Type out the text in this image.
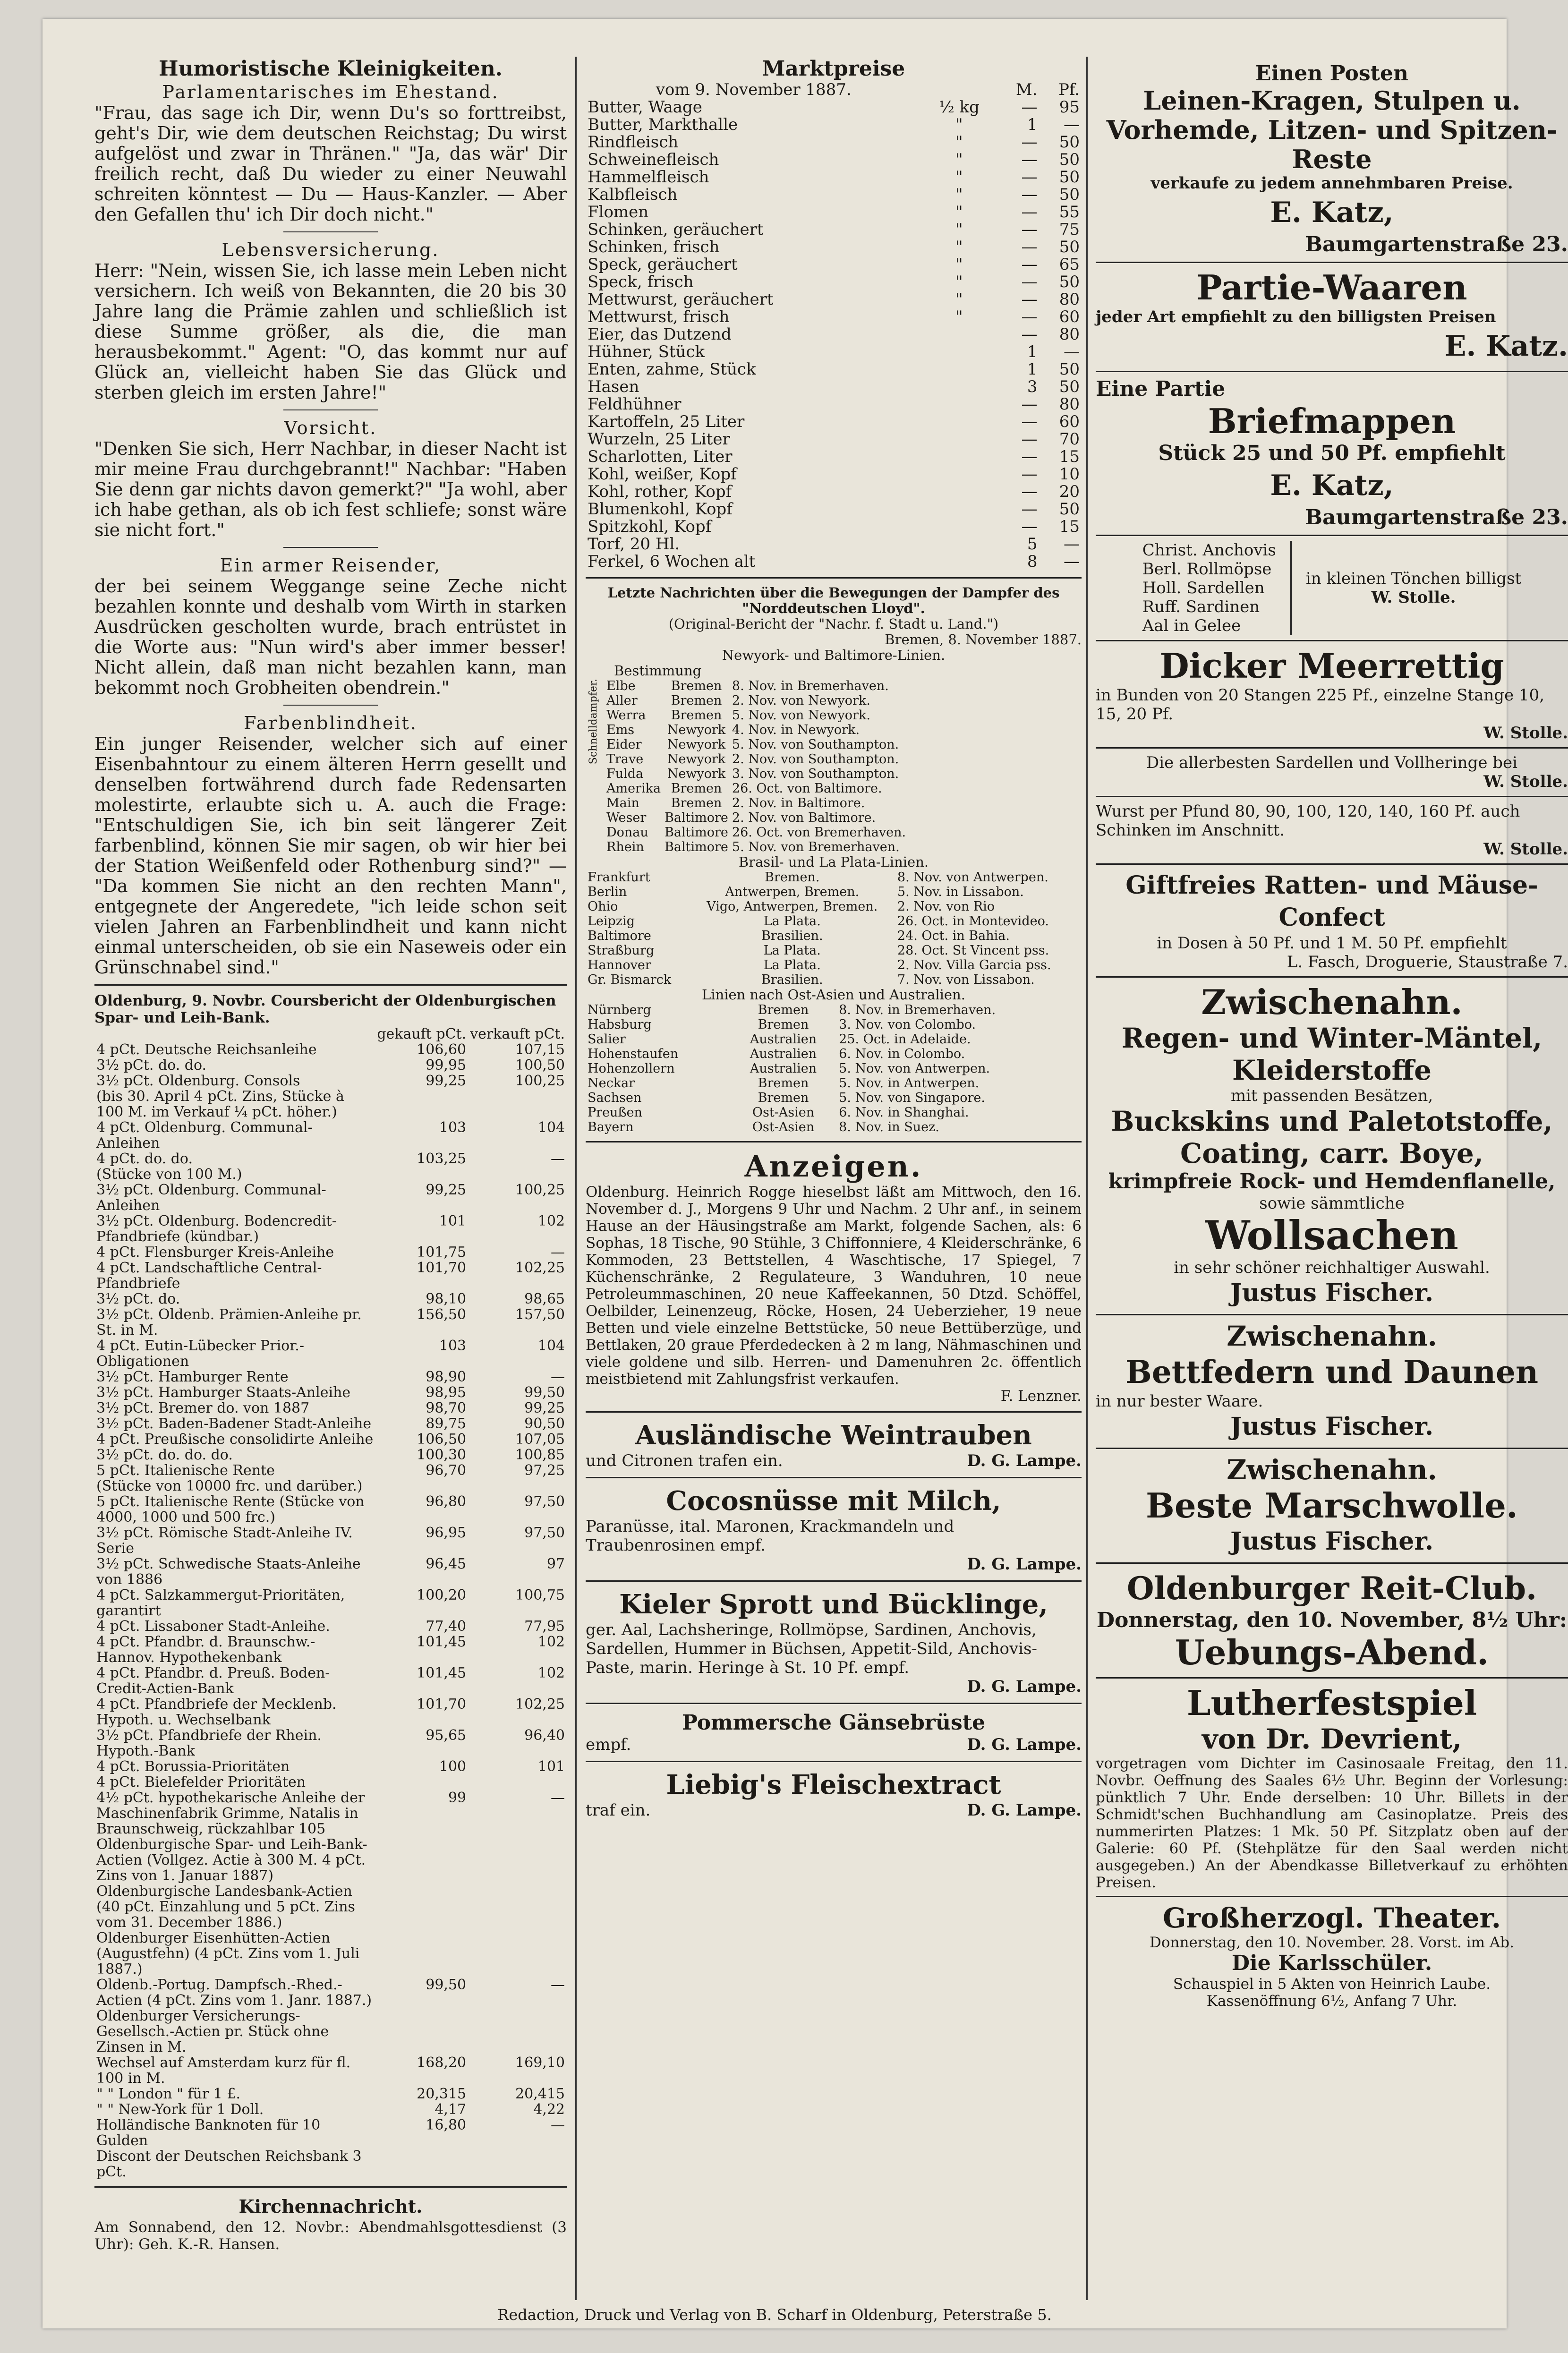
Humoristische Kleinigkeiten.
Parlamentarisches im Ehestand.

"Frau, das sage ich Dir, wenn Du's so forttreibst, geht's Dir, wie dem deutschen Reichstag; Du wirst aufgelöst und zwar in Thränen." "Ja, das wär' Dir freilich recht, daß Du wieder zu einer Neuwahl schreiten könntest — Du — Haus-Kanzler. — Aber den Gefallen thu' ich Dir doch nicht."

Lebensversicherung.

Herr: "Nein, wissen Sie, ich lasse mein Leben nicht versichern. Ich weiß von Bekannten, die 20 bis 30 Jahre lang die Prämie zahlen und schließlich ist diese Summe größer, als die, die man herausbekommt." Agent: "O, das kommt nur auf Glück an, vielleicht haben Sie das Glück und sterben gleich im ersten Jahre!"

Vorsicht.

"Denken Sie sich, Herr Nachbar, in dieser Nacht ist mir meine Frau durchgebrannt!" Nachbar: "Haben Sie denn gar nichts davon gemerkt?" "Ja wohl, aber ich habe gethan, als ob ich fest schliefe; sonst wäre sie nicht fort."

Ein armer Reisender,

der bei seinem Weggange seine Zeche nicht bezahlen konnte und deshalb vom Wirth in starken Ausdrücken gescholten wurde, brach entrüstet in die Worte aus: "Nun wird's aber immer besser! Nicht allein, daß man nicht bezahlen kann, man bekommt noch Grobheiten obendrein."

Farbenblindheit.

Ein junger Reisender, welcher sich auf einer Eisenbahntour zu einem älteren Herrn gesellt und denselben fortwährend durch fade Redensarten molestirte, erlaubte sich u. A. auch die Frage: "Entschuldigen Sie, ich bin seit längerer Zeit farbenblind, können Sie mir sagen, ob wir hier bei der Station Weißenfeld oder Rothenburg sind?" — "Da kommen Sie nicht an den rechten Mann", entgegnete der Angeredete, "ich leide schon seit vielen Jahren an Farbenblindheit und kann nicht einmal unterscheiden, ob sie ein Naseweis oder ein Grünschnabel sind."

Oldenburg, 9. Novbr. Coursbericht der Oldenburgischen Spar- und Leih-Bank.
	gekauft pCt.	verkauft pCt.
4 pCt. Deutsche Reichsanleihe	106,60	107,15
3½ pCt. do. do.	99,95	100,50
3½ pCt. Oldenburg. Consols	99,25	100,25
(bis 30. April 4 pCt. Zins, Stücke à 100 M. im Verkauf ¼ pCt. höher.)		
4 pCt. Oldenburg. Communal-Anleihen	103	104
4 pCt. do. do.	103,25	—
(Stücke von 100 M.)		
3½ pCt. Oldenburg. Communal-Anleihen	99,25	100,25
3½ pCt. Oldenburg. Bodencredit-Pfandbriefe (kündbar.)	101	102
4 pCt. Flensburger Kreis-Anleihe	101,75	—
4 pCt. Landschaftliche Central-Pfandbriefe	101,70	102,25
3½ pCt. do.	98,10	98,65
3½ pCt. Oldenb. Prämien-Anleihe pr. St. in M.	156,50	157,50
4 pCt. Eutin-Lübecker Prior.-Obligationen	103	104
3½ pCt. Hamburger Rente	98,90	—
3½ pCt. Hamburger Staats-Anleihe	98,95	99,50
3½ pCt. Bremer do. von 1887	98,70	99,25
3½ pCt. Baden-Badener Stadt-Anleihe	89,75	90,50
4 pCt. Preußische consolidirte Anleihe	106,50	107,05
3½ pCt. do. do. do.	100,30	100,85
5 pCt. Italienische Rente	96,70	97,25
(Stücke von 10000 frc. und darüber.)		
5 pCt. Italienische Rente (Stücke von 4000, 1000 und 500 frc.)	96,80	97,50
3½ pCt. Römische Stadt-Anleihe IV. Serie	96,95	97,50
3½ pCt. Schwedische Staats-Anleihe von 1886	96,45	97
4 pCt. Salzkammergut-Prioritäten, garantirt	100,20	100,75
4 pCt. Lissaboner Stadt-Anleihe.	77,40	77,95
4 pCt. Pfandbr. d. Braunschw.-Hannov. Hypothekenbank	101,45	102
4 pCt. Pfandbr. d. Preuß. Boden-Credit-Actien-Bank	101,45	102
4 pCt. Pfandbriefe der Mecklenb. Hypoth. u. Wechselbank	101,70	102,25
3½ pCt. Pfandbriefe der Rhein. Hypoth.-Bank	95,65	96,40
4 pCt. Borussia-Prioritäten	100	101
4 pCt. Bielefelder Prioritäten		
4½ pCt. hypothekarische Anleihe der Maschinenfabrik Grimme, Natalis in Braunschweig, rückzahlbar 105	99	—
Oldenburgische Spar- und Leih-Bank-Actien (Vollgez. Actie à 300 M. 4 pCt. Zins von 1. Januar 1887)		
Oldenburgische Landesbank-Actien (40 pCt. Einzahlung und 5 pCt. Zins vom 31. December 1886.)		
Oldenburger Eisenhütten-Actien (Augustfehn) (4 pCt. Zins vom 1. Juli 1887.)		
Oldenb.-Portug. Dampfsch.-Rhed.-Actien (4 pCt. Zins vom 1. Janr. 1887.)	99,50	—
Oldenburger Versicherungs-Gesellsch.-Actien pr. Stück ohne Zinsen in M.		
Wechsel auf Amsterdam kurz für fl. 100 in M.	168,20	169,10
" " London " für 1 £.	20,315	20,415
" " New-York für 1 Doll.	4,17	4,22
Holländische Banknoten für 10 Gulden	16,80	—
Discont der Deutschen Reichsbank 3 pCt.		
Kirchennachricht.

Am Sonnabend, den 12. Novbr.: Abendmahlsgottesdienst (3 Uhr): Geh. K.-R. Hansen.

Marktpreise
vom 9. November 1887.		M.	Pf.
Butter, Waage	½ kg	—	95
Butter, Markthalle	"	1	—
Rindfleisch	"	—	50
Schweinefleisch	"	—	50
Hammelfleisch	"	—	50
Kalbfleisch	"	—	50
Flomen	"	—	55
Schinken, geräuchert	"	—	75
Schinken, frisch	"	—	50
Speck, geräuchert	"	—	65
Speck, frisch	"	—	50
Mettwurst, geräuchert	"	—	80
Mettwurst, frisch	"	—	60
Eier, das Dutzend		—	80
Hühner, Stück		1	—
Enten, zahme, Stück		1	50
Hasen		3	50
Feldhühner		—	80
Kartoffeln, 25 Liter		—	60
Wurzeln, 25 Liter		—	70
Scharlotten, Liter		—	15
Kohl, weißer, Kopf		—	10
Kohl, rother, Kopf		—	20
Blumenkohl, Kopf		—	50
Spitzkohl, Kopf		—	15
Torf, 20 Hl.		5	—
Ferkel, 6 Wochen alt		8	—
Letzte Nachrichten über die Bewegungen der Dampfer des "Norddeutschen Lloyd".
(Original-Bericht der "Nachr. f. Stadt u. Land.")
Bremen, 8. November 1887.
Newyork- und Baltimore-Linien.
Bestimmung
Schnelldampfer. Elbe	Bremen	8. Nov. in Bremerhaven.
Aller	Bremen	2. Nov. von Newyork.
Werra	Bremen	5. Nov. von Newyork.
Ems	Newyork	4. Nov. in Newyork.
Eider	Newyork	5. Nov. von Southampton.
Trave	Newyork	2. Nov. von Southampton.
Fulda	Newyork	3. Nov. von Southampton.
Amerika	Bremen	26. Oct. von Baltimore.
Main	Bremen	2. Nov. in Baltimore.
Weser	Baltimore	2. Nov. von Baltimore.
Donau	Baltimore	26. Oct. von Bremerhaven.
Rhein	Baltimore	5. Nov. von Bremerhaven.
Brasil- und La Plata-Linien.
Frankfurt	Bremen.	8. Nov. von Antwerpen.
Berlin	Antwerpen, Bremen.	5. Nov. in Lissabon.
Ohio	Vigo, Antwerpen, Bremen.	2. Nov. von Rio
Leipzig	La Plata.	26. Oct. in Montevideo.
Baltimore	Brasilien.	24. Oct. in Bahia.
Straßburg	La Plata.	28. Oct. St Vincent pss.
Hannover	La Plata.	2. Nov. Villa Garcia pss.
Gr. Bismarck	Brasilien.	7. Nov. von Lissabon.
Linien nach Ost-Asien und Australien.
Nürnberg	Bremen	8. Nov. in Bremerhaven.
Habsburg	Bremen	3. Nov. von Colombo.
Salier	Australien	25. Oct. in Adelaide.
Hohenstaufen	Australien	6. Nov. in Colombo.
Hohenzollern	Australien	5. Nov. von Antwerpen.
Neckar	Bremen	5. Nov. in Antwerpen.
Sachsen	Bremen	5. Nov. von Singapore.
Preußen	Ost-Asien	6. Nov. in Shanghai.
Bayern	Ost-Asien	8. Nov. in Suez.
Anzeigen.

Oldenburg. Heinrich Rogge hieselbst läßt am Mittwoch, den 16. November d. J., Morgens 9 Uhr und Nachm. 2 Uhr anf., in seinem Hause an der Häusingstraße am Markt, folgende Sachen, als: 6 Sophas, 18 Tische, 90 Stühle, 3 Chiffonniere, 4 Kleiderschränke, 6 Kommoden, 23 Bettstellen, 4 Waschtische, 17 Spiegel, 7 Küchenschränke, 2 Regulateure, 3 Wanduhren, 10 neue Petroleummaschinen, 20 neue Kaffeekannen, 50 Dtzd. Schöffel, Oelbilder, Leinenzeug, Röcke, Hosen, 24 Ueberzieher, 19 neue Betten und viele einzelne Bettstücke, 50 neue Bettüberzüge, und Bettlaken, 20 graue Pferdedecken à 2 m lang, Nähmaschinen und viele goldene und silb. Herren- und Damenuhren 2c. öffentlich meistbietend mit Zahlungsfrist verkaufen.

F. Lenzner.
Ausländische Weintrauben
und Citronen trafen ein.	D. G. Lampe.
Cocosnüsse mit Milch,
Paranüsse, ital. Maronen, Krackmandeln und Traubenrosinen empf.
D. G. Lampe.
Kieler Sprott und Bücklinge,
ger. Aal, Lachsheringe, Rollmöpse, Sardinen, Anchovis, Sardellen, Hummer in Büchsen, Appetit-Sild, Anchovis-Paste, marin. Heringe à St. 10 Pf. empf.
D. G. Lampe.
Pommersche Gänsebrüste
empf.	D. G. Lampe.
Liebig's Fleischextract
traf ein.	D. G. Lampe.
Einen Posten
Leinen-Kragen, Stulpen u. Vorhemde, Litzen- und Spitzen-Reste
verkaufe zu jedem annehmbaren Preise.
E. Katz,
Baumgartenstraße 23.
Partie-Waaren
jeder Art empfiehlt zu den billigsten Preisen
E. Katz.
Eine Partie
Briefmappen
Stück 25 und 50 Pf. empfiehlt
E. Katz,
Baumgartenstraße 23.
Christ. Anchovis
Berl. Rollmöpse
Holl. Sardellen
Ruff. Sardinen
Aal in Gelee
in kleinen Tönchen billigst
W. Stolle.
Dicker Meerrettig
in Bunden von 20 Stangen 225 Pf., einzelne Stange 10, 15, 20 Pf.
W. Stolle.
Die allerbesten Sardellen und Vollheringe bei
W. Stolle.
Wurst per Pfund 80, 90, 100, 120, 140, 160 Pf. auch Schinken im Anschnitt.
W. Stolle.
Giftfreies Ratten- und Mäuse-Confect
in Dosen à 50 Pf. und 1 M. 50 Pf. empfiehlt
L. Fasch, Droguerie, Staustraße 7.
Zwischenahn.
Regen- und Winter-Mäntel,
Kleiderstoffe
mit passenden Besätzen,
Buckskins und Paletotstoffe,
Coating, carr. Boye,
krimpfreie Rock- und Hemdenflanelle,
sowie sämmtliche
Wollsachen
in sehr schöner reichhaltiger Auswahl.
Justus Fischer.
Zwischenahn.
Bettfedern und Daunen
in nur bester Waare.
Justus Fischer.
Zwischenahn.
Beste Marschwolle.
Justus Fischer.
Oldenburger Reit-Club.
Donnerstag, den 10. November, 8½ Uhr:
Uebungs-Abend.
Lutherfestspiel
von Dr. Devrient,

vorgetragen vom Dichter im Casinosaale Freitag, den 11. Novbr. Oeffnung des Saales 6½ Uhr. Beginn der Vorlesung: pünktlich 7 Uhr. Ende derselben: 10 Uhr. Billets in der Schmidt'schen Buchhandlung am Casinoplatze. Preis des nummerirten Platzes: 1 Mk. 50 Pf. Sitzplatz oben auf der Galerie: 60 Pf. (Stehplätze für den Saal werden nicht ausgegeben.) An der Abendkasse Billetverkauf zu erhöhten Preisen.

Großherzogl. Theater.
Donnerstag, den 10. November. 28. Vorst. im Ab.
Die Karlsschüler.
Schauspiel in 5 Akten von Heinrich Laube.
Kassenöffnung 6½, Anfang 7 Uhr.
Redaction, Druck und Verlag von B. Scharf in Oldenburg, Peterstraße 5.
